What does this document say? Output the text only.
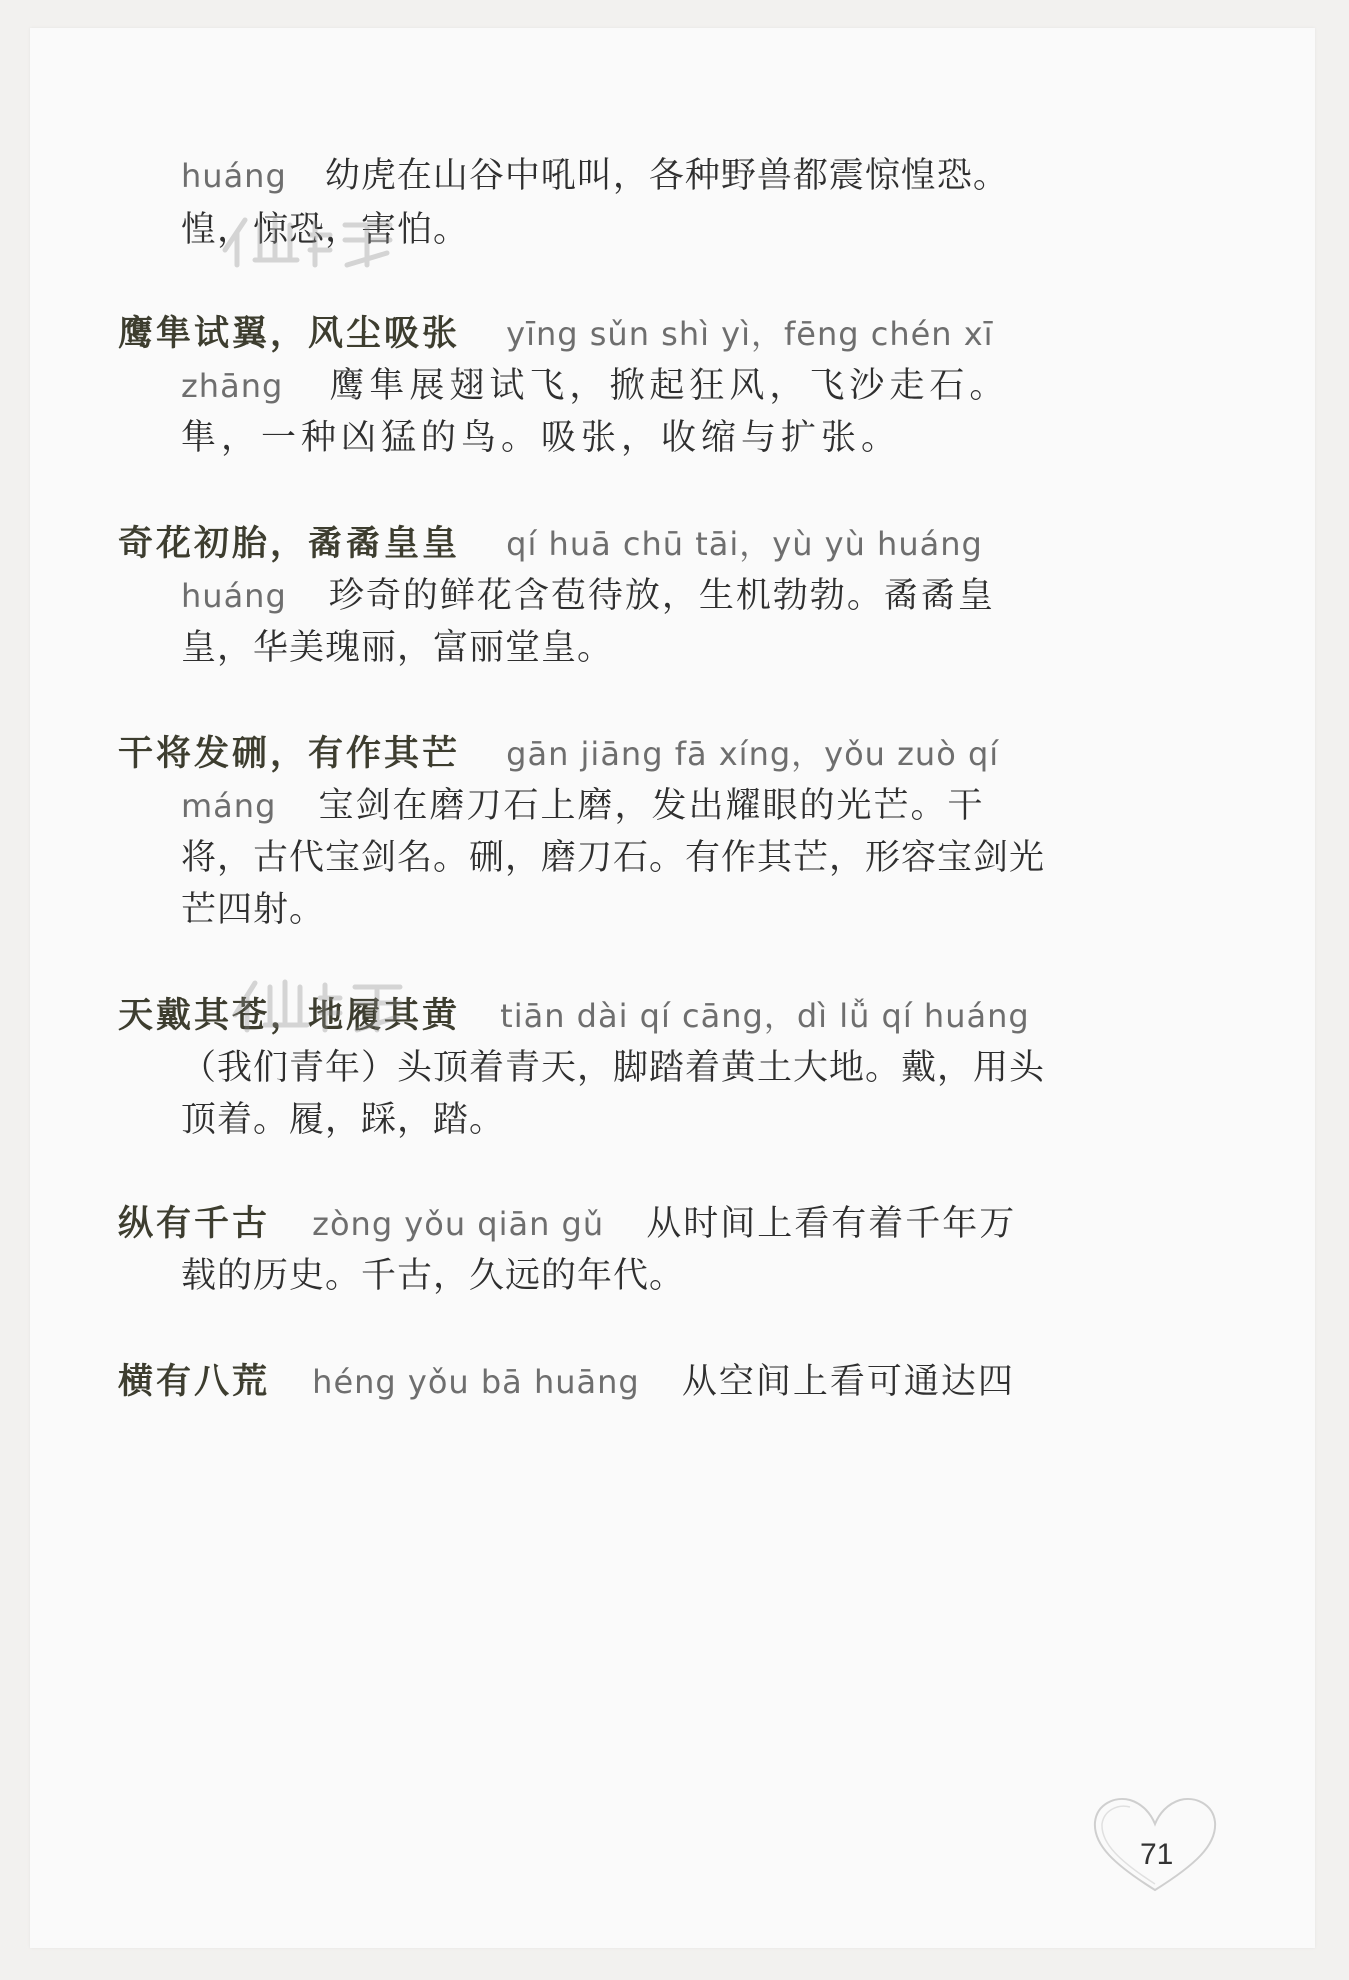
huáng 幼虎在山谷中吼叫，各种野兽都震惊惶恐。
惶，惊恐，害怕。
鹰隼试翼，风尘吸张 yīng sǔn shì yì，fēng chén xī
zhāng 鹰隼展翅试飞，掀起狂风，飞沙走石。
隼，一种凶猛的鸟。吸张，收缩与扩张。
奇花初胎，矞矞皇皇 qí huā chū tāi，yù yù huáng
huáng 珍奇的鲜花含苞待放，生机勃勃。矞矞皇
皇，华美瑰丽，富丽堂皇。
干将发硎，有作其芒 gān jiāng fā xíng，yǒu zuò qí
máng 宝剑在磨刀石上磨，发出耀眼的光芒。干
将，古代宝剑名。硎，磨刀石。有作其芒，形容宝剑光
芒四射。
天戴其苍，地履其黄 tiān dài qí cāng，dì lǚ qí huáng
（我们青年）头顶着青天，脚踏着黄土大地。戴，用头
顶着。履，踩，踏。
纵有千古 zòng yǒu qiān gǔ 从时间上看有着千年万
载的历史。千古，久远的年代。
横有八荒 héng yǒu bā huāng 从空间上看可通达四
71
